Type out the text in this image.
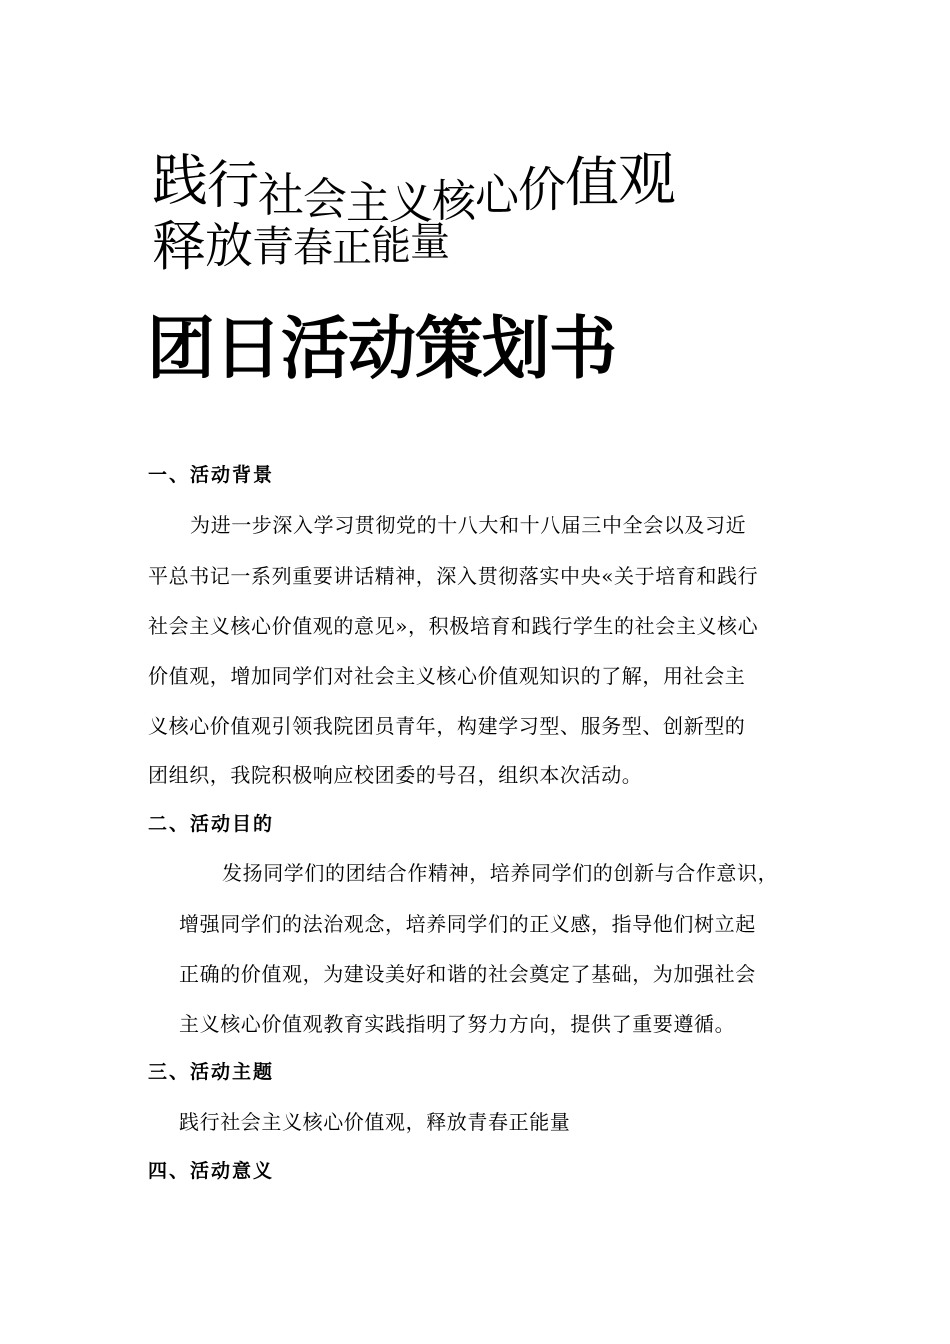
践行社会主义核心价值观
释放青春正能量
团日活动策划书
一、活动背景
为进一步深入学习贯彻党的十八大和十八届三中全会以及习近
平总书记一系列重要讲话精神，深入贯彻落实中央«关于培育和践行
社会主义核心价值观的意见»，积极培育和践行学生的社会主义核心
价值观，增加同学们对社会主义核心价值观知识的了解，用社会主
义核心价值观引领我院团员青年，构建学习型、服务型、创新型的
团组织，我院积极响应校团委的号召，组织本次活动。
二、活动目的
发扬同学们的团结合作精神，培养同学们的创新与合作意识，
增强同学们的法治观念，培养同学们的正义感，指导他们树立起
正确的价值观，为建设美好和谐的社会奠定了基础，为加强社会
主义核心价值观教育实践指明了努力方向，提供了重要遵循。
三、活动主题
践行社会主义核心价值观，释放青春正能量
四、活动意义
